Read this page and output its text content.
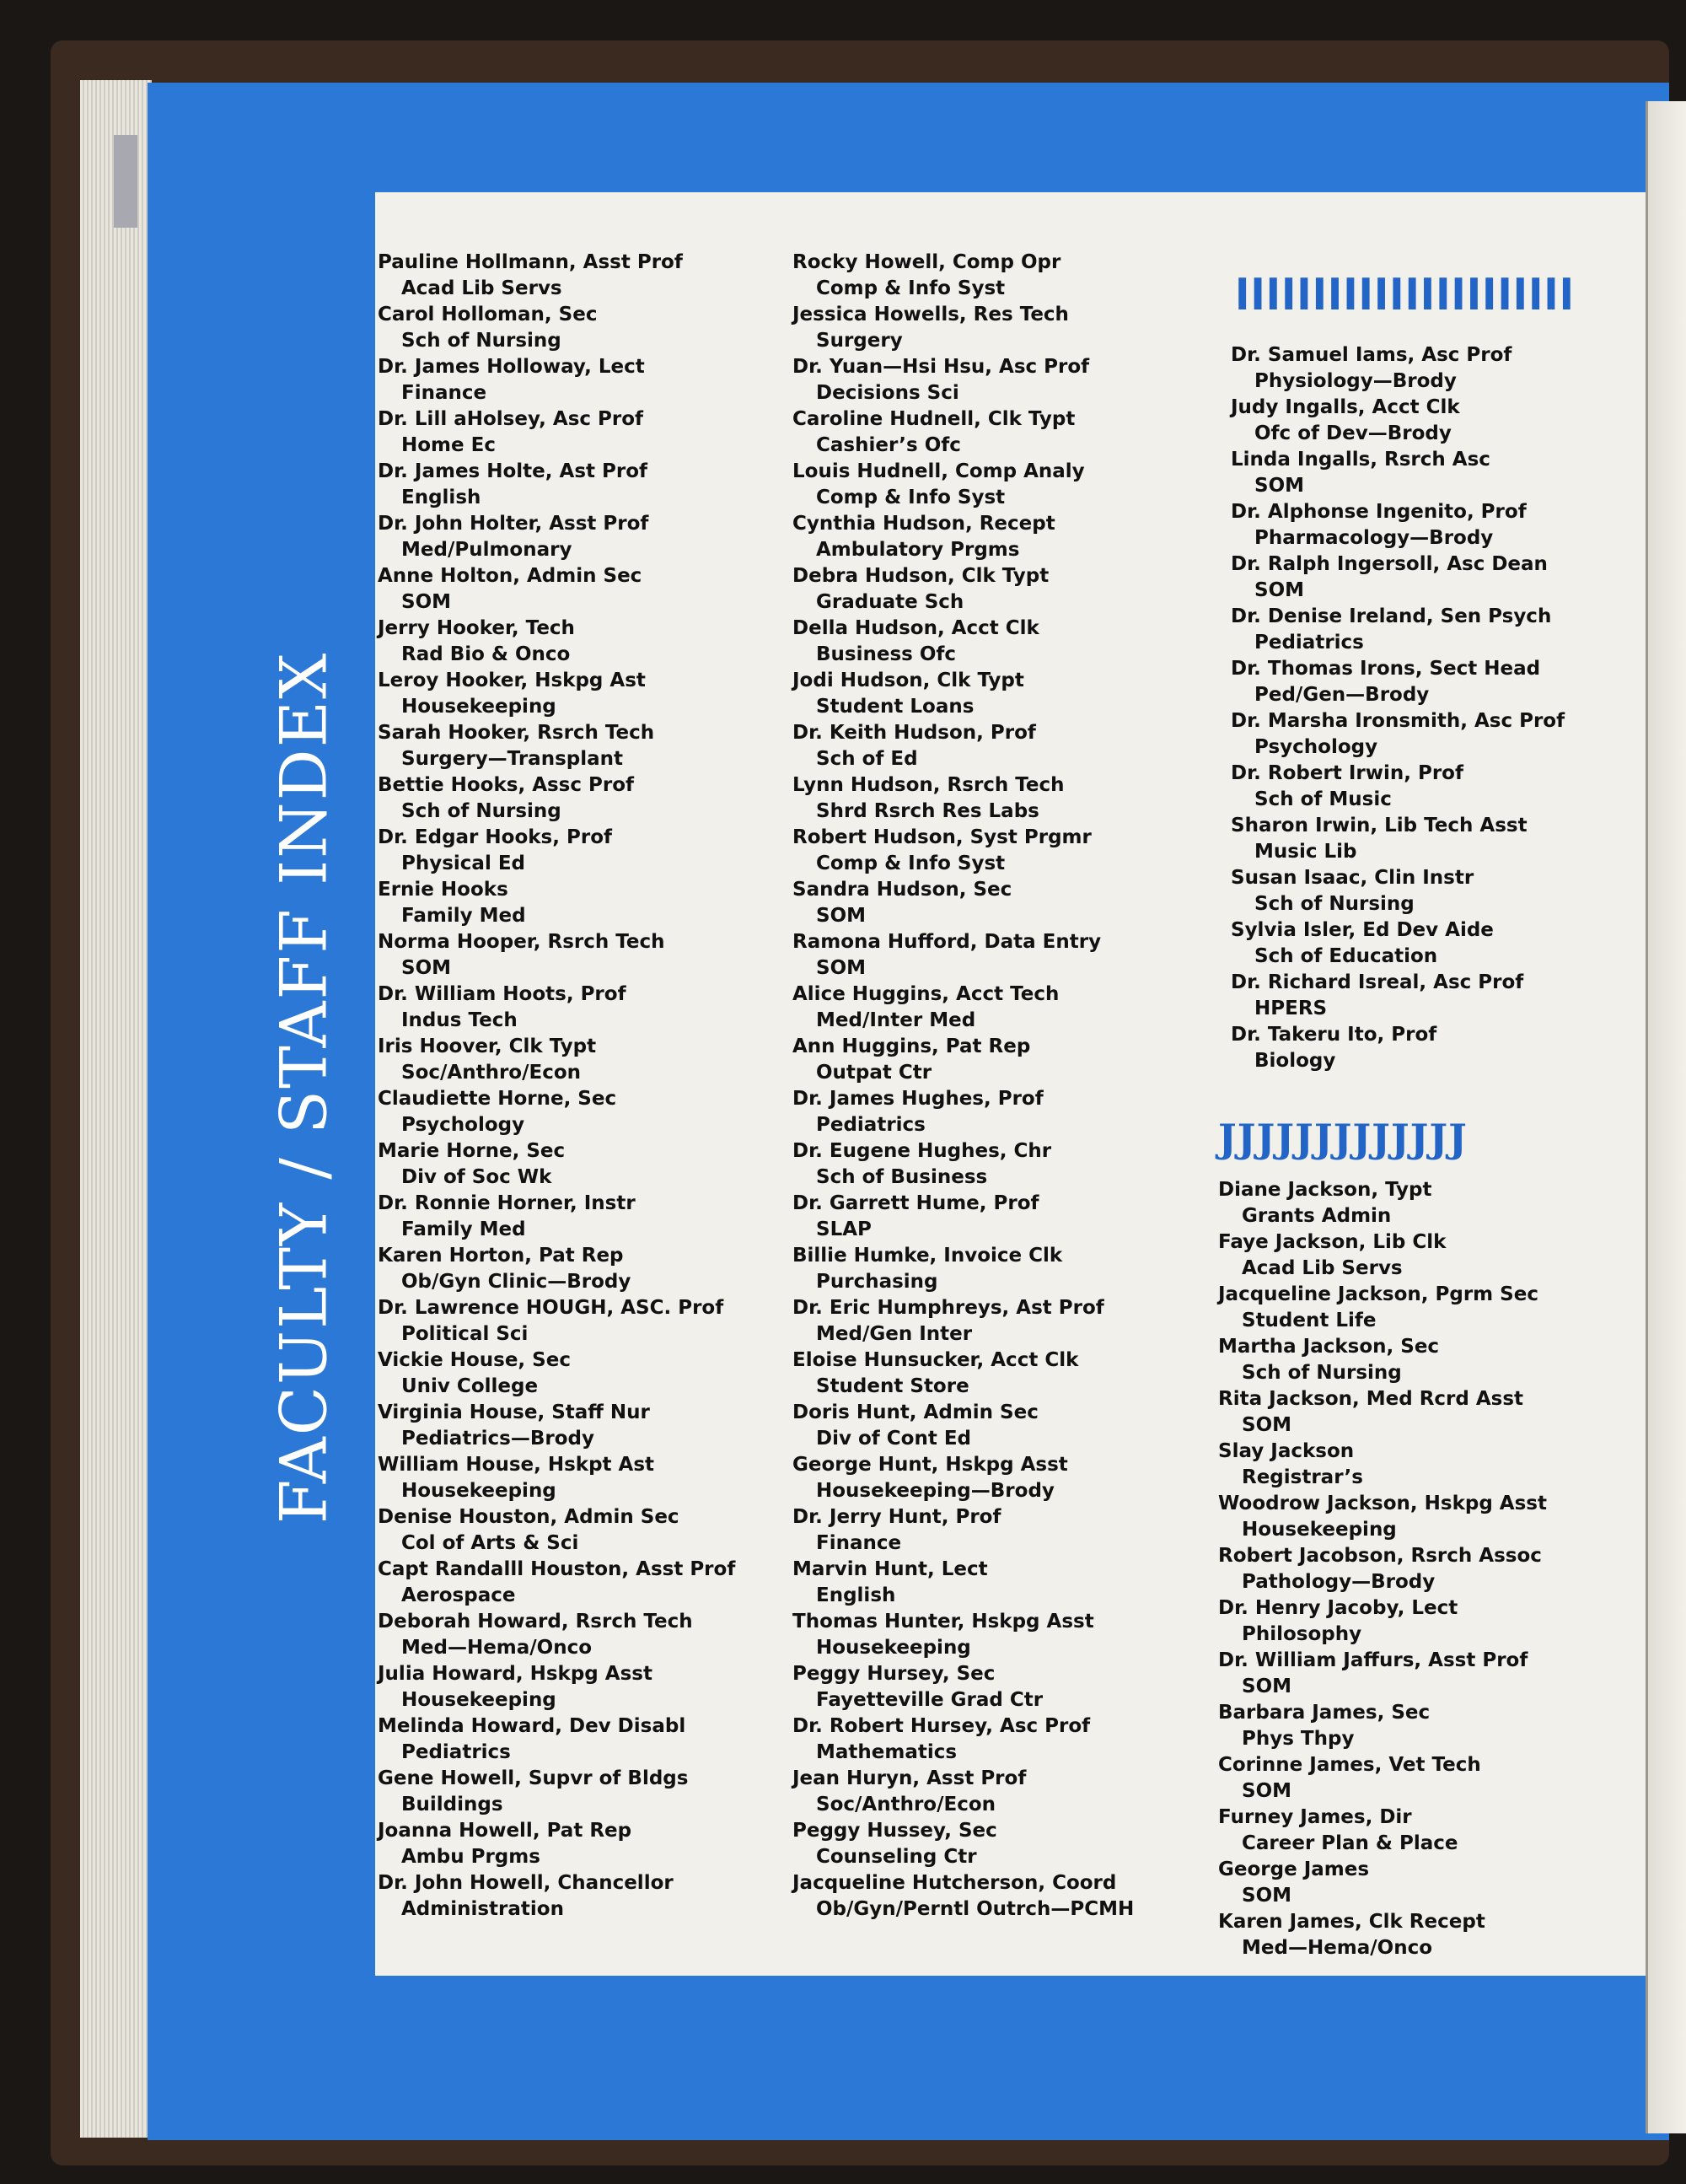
FACULTY / STAFF INDEX
Pauline Hollmann, Asst Prof
Acad Lib Servs
Carol Holloman, Sec
Sch of Nursing
Dr. James Holloway, Lect
Finance
Dr. Lill aHolsey, Asc Prof
Home Ec
Dr. James Holte, Ast Prof
English
Dr. John Holter, Asst Prof
Med/Pulmonary
Anne Holton, Admin Sec
SOM
Jerry Hooker, Tech
Rad Bio & Onco
Leroy Hooker, Hskpg Ast
Housekeeping
Sarah Hooker, Rsrch Tech
Surgery—Transplant
Bettie Hooks, Assc Prof
Sch of Nursing
Dr. Edgar Hooks, Prof
Physical Ed
Ernie Hooks
Family Med
Norma Hooper, Rsrch Tech
SOM
Dr. William Hoots, Prof
Indus Tech
Iris Hoover, Clk Typt
Soc/Anthro/Econ
Claudiette Horne, Sec
Psychology
Marie Horne, Sec
Div of Soc Wk
Dr. Ronnie Horner, Instr
Family Med
Karen Horton, Pat Rep
Ob/Gyn Clinic—Brody
Dr. Lawrence HOUGH, ASC. Prof
Political Sci
Vickie House, Sec
Univ College
Virginia House, Staff Nur
Pediatrics—Brody
William House, Hskpt Ast
Housekeeping
Denise Houston, Admin Sec
Col of Arts & Sci
Capt Randalll Houston, Asst Prof
Aerospace
Deborah Howard, Rsrch Tech
Med—Hema/Onco
Julia Howard, Hskpg Asst
Housekeeping
Melinda Howard, Dev Disabl
Pediatrics
Gene Howell, Supvr of Bldgs
Buildings
Joanna Howell, Pat Rep
Ambu Prgms
Dr. John Howell, Chancellor
Administration
Rocky Howell, Comp Opr
Comp & Info Syst
Jessica Howells, Res Tech
Surgery
Dr. Yuan—Hsi Hsu, Asc Prof
Decisions Sci
Caroline Hudnell, Clk Typt
Cashier’s Ofc
Louis Hudnell, Comp Analy
Comp & Info Syst
Cynthia Hudson, Recept
Ambulatory Prgms
Debra Hudson, Clk Typt
Graduate Sch
Della Hudson, Acct Clk
Business Ofc
Jodi Hudson, Clk Typt
Student Loans
Dr. Keith Hudson, Prof
Sch of Ed
Lynn Hudson, Rsrch Tech
Shrd Rsrch Res Labs
Robert Hudson, Syst Prgmr
Comp & Info Syst
Sandra Hudson, Sec
SOM
Ramona Hufford, Data Entry
SOM
Alice Huggins, Acct Tech
Med/Inter Med
Ann Huggins, Pat Rep
Outpat Ctr
Dr. James Hughes, Prof
Pediatrics
Dr. Eugene Hughes, Chr
Sch of Business
Dr. Garrett Hume, Prof
SLAP
Billie Humke, Invoice Clk
Purchasing
Dr. Eric Humphreys, Ast Prof
Med/Gen Inter
Eloise Hunsucker, Acct Clk
Student Store
Doris Hunt, Admin Sec
Div of Cont Ed
George Hunt, Hskpg Asst
Housekeeping—Brody
Dr. Jerry Hunt, Prof
Finance
Marvin Hunt, Lect
English
Thomas Hunter, Hskpg Asst
Housekeeping
Peggy Hursey, Sec
Fayetteville Grad Ctr
Dr. Robert Hursey, Asc Prof
Mathematics
Jean Huryn, Asst Prof
Soc/Anthro/Econ
Peggy Hussey, Sec
Counseling Ctr
Jacqueline Hutcherson, Coord
Ob/Gyn/Perntl Outrch—PCMH
IIIIIIIIIIIIIIIIIIIIII
Dr. Samuel Iams, Asc Prof
Physiology—Brody
Judy Ingalls, Acct Clk
Ofc of Dev—Brody
Linda Ingalls, Rsrch Asc
SOM
Dr. Alphonse Ingenito, Prof
Pharmacology—Brody
Dr. Ralph Ingersoll, Asc Dean
SOM
Dr. Denise Ireland, Sen Psych
Pediatrics
Dr. Thomas Irons, Sect Head
Ped/Gen—Brody
Dr. Marsha Ironsmith, Asc Prof
Psychology
Dr. Robert Irwin, Prof
Sch of Music
Sharon Irwin, Lib Tech Asst
Music Lib
Susan Isaac, Clin Instr
Sch of Nursing
Sylvia Isler, Ed Dev Aide
Sch of Education
Dr. Richard Isreal, Asc Prof
HPERS
Dr. Takeru Ito, Prof
Biology
JJJJJJJJJJJJJ
Diane Jackson, Typt
Grants Admin
Faye Jackson, Lib Clk
Acad Lib Servs
Jacqueline Jackson, Pgrm Sec
Student Life
Martha Jackson, Sec
Sch of Nursing
Rita Jackson, Med Rcrd Asst
SOM
Slay Jackson
Registrar’s
Woodrow Jackson, Hskpg Asst
Housekeeping
Robert Jacobson, Rsrch Assoc
Pathology—Brody
Dr. Henry Jacoby, Lect
Philosophy
Dr. William Jaffurs, Asst Prof
SOM
Barbara James, Sec
Phys Thpy
Corinne James, Vet Tech
SOM
Furney James, Dir
Career Plan & Place
George James
SOM
Karen James, Clk Recept
Med—Hema/Onco
